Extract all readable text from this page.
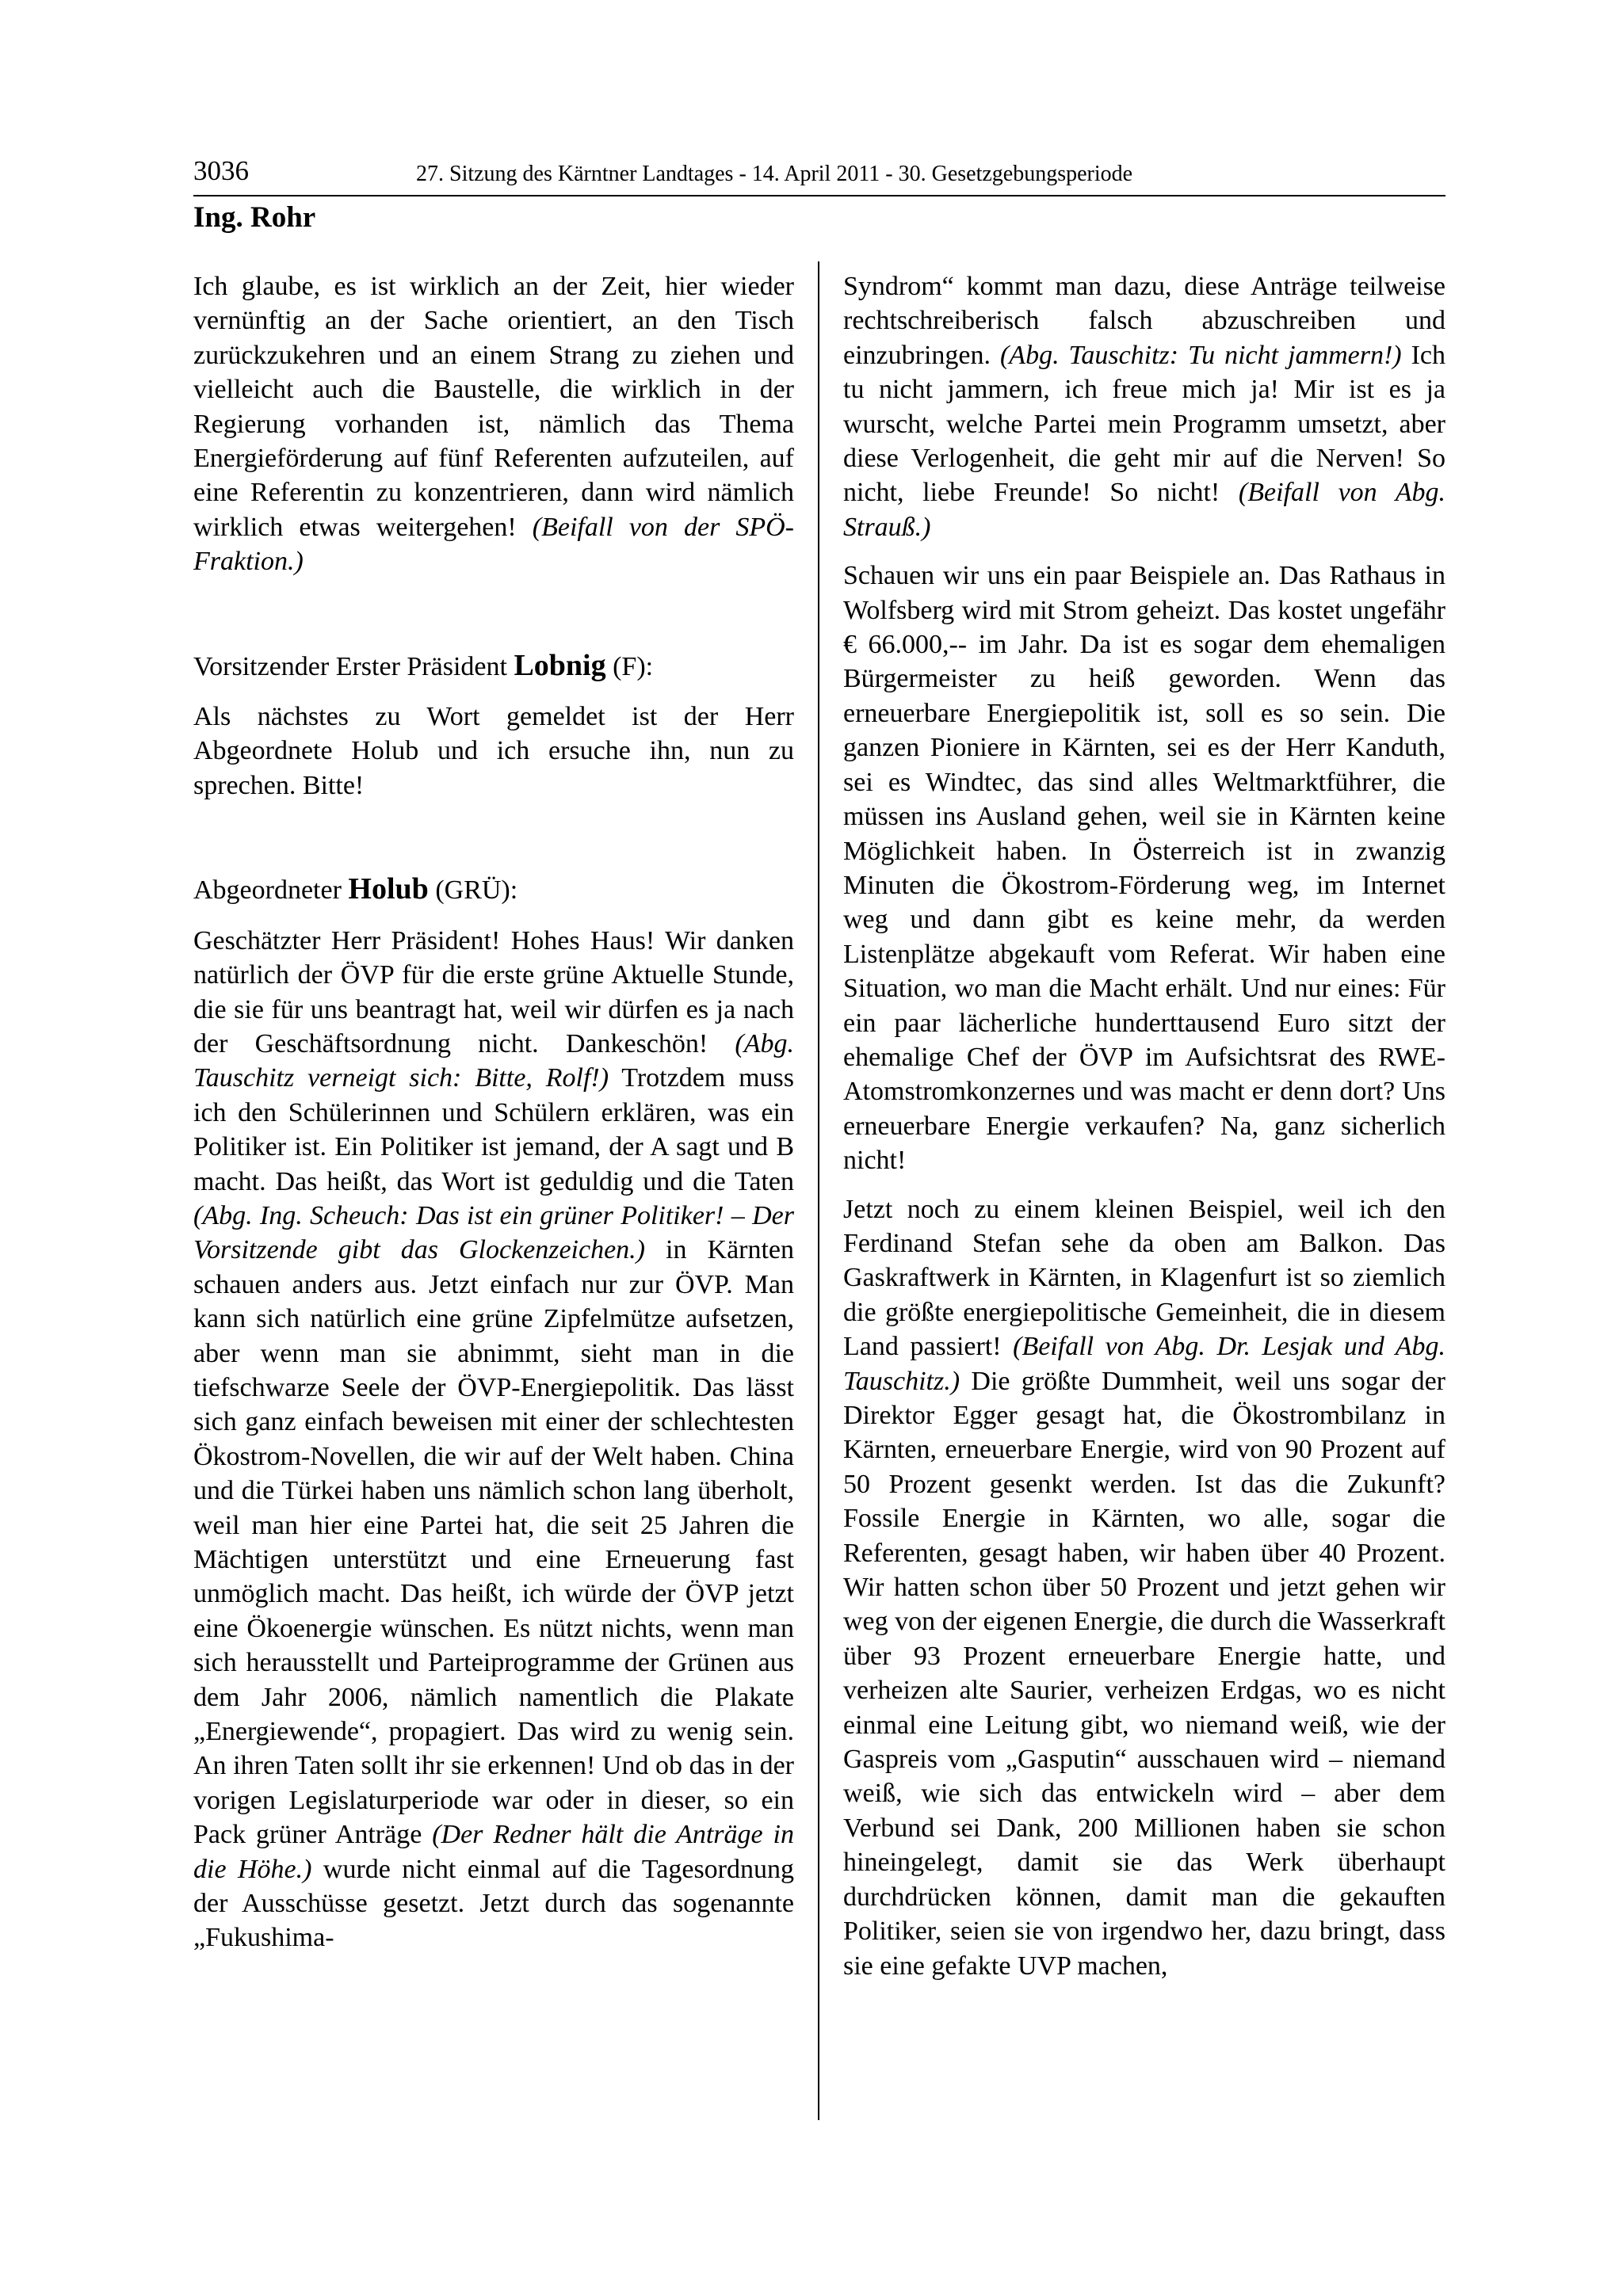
3036	27. Sitzung des Kärntner Landtages - 14. April 2011 - 30. Gesetzgebungsperiode
Ing. Rohr

Ich glaube, es ist wirklich an der Zeit, hier wieder vernünftig an der Sache orientiert, an den Tisch zurückzukehren und an einem Strang zu ziehen und vielleicht auch die Baustelle, die wirklich in der Regierung vorhanden ist, nämlich das Thema Energieförderung auf fünf Referenten aufzuteilen, auf eine Referentin zu konzentrieren, dann wird nämlich wirklich etwas weitergehen! (Beifall von der SPÖ-Fraktion.)

Vorsitzender Erster Präsident Lobnig (F):

Als nächstes zu Wort gemeldet ist der Herr Abgeordnete Holub und ich ersuche ihn, nun zu sprechen. Bitte!

Abgeordneter Holub (GRÜ):

Geschätzter Herr Präsident! Hohes Haus! Wir danken natürlich der ÖVP für die erste grüne Aktuelle Stunde, die sie für uns beantragt hat, weil wir dürfen es ja nach der Geschäftsordnung nicht. Dankeschön! (Abg. Tauschitz verneigt sich: Bitte, Rolf!) Trotzdem muss ich den Schülerinnen und Schülern erklären, was ein Politiker ist. Ein Politiker ist jemand, der A sagt und B macht. Das heißt, das Wort ist geduldig und die Taten (Abg. Ing. Scheuch: Das ist ein grüner Politiker! – Der Vorsitzende gibt das Glockenzeichen.) in Kärnten schauen anders aus. Jetzt einfach nur zur ÖVP. Man kann sich natürlich eine grüne Zipfelmütze aufsetzen, aber wenn man sie abnimmt, sieht man in die tiefschwarze Seele der ÖVP-Energiepolitik. Das lässt sich ganz einfach beweisen mit einer der schlechtesten Ökostrom-Novellen, die wir auf der Welt haben. China und die Türkei haben uns nämlich schon lang überholt, weil man hier eine Partei hat, die seit 25 Jahren die Mächtigen unterstützt und eine Erneuerung fast unmöglich macht. Das heißt, ich würde der ÖVP jetzt eine Ökoenergie wünschen. Es nützt nichts, wenn man sich herausstellt und Parteiprogramme der Grünen aus dem Jahr 2006, nämlich namentlich die Plakate „Energiewende“, propagiert. Das wird zu wenig sein. An ihren Taten sollt ihr sie erkennen! Und ob das in der vorigen Legislaturperiode war oder in dieser, so ein Pack grüner Anträge (Der Redner hält die Anträge in die Höhe.) wurde nicht einmal auf die Tagesordnung der Ausschüsse gesetzt. Jetzt durch das sogenannte „Fukushima-

Syndrom“ kommt man dazu, diese Anträge teilweise rechtschreiberisch falsch abzuschreiben und einzubringen. (Abg. Tauschitz: Tu nicht jammern!) Ich tu nicht jammern, ich freue mich ja! Mir ist es ja wurscht, welche Partei mein Programm umsetzt, aber diese Verlogenheit, die geht mir auf die Nerven! So nicht, liebe Freunde! So nicht! (Beifall von Abg. Strauß.)

Schauen wir uns ein paar Beispiele an. Das Rathaus in Wolfsberg wird mit Strom geheizt. Das kostet ungefähr € 66.000,-- im Jahr. Da ist es sogar dem ehemaligen Bürgermeister zu heiß geworden. Wenn das erneuerbare Energiepolitik ist, soll es so sein. Die ganzen Pioniere in Kärnten, sei es der Herr Kanduth, sei es Windtec, das sind alles Weltmarktführer, die müssen ins Ausland gehen, weil sie in Kärnten keine Möglichkeit haben. In Österreich ist in zwanzig Minuten die Ökostrom-Förderung weg, im Internet weg und dann gibt es keine mehr, da werden Listenplätze abgekauft vom Referat. Wir haben eine Situation, wo man die Macht erhält. Und nur eines: Für ein paar lächerliche hunderttausend Euro sitzt der ehemalige Chef der ÖVP im Aufsichtsrat des RWE-Atomstromkonzernes und was macht er denn dort? Uns erneuerbare Energie verkaufen? Na, ganz sicherlich nicht!

Jetzt noch zu einem kleinen Beispiel, weil ich den Ferdinand Stefan sehe da oben am Balkon. Das Gaskraftwerk in Kärnten, in Klagenfurt ist so ziemlich die größte energiepolitische Gemeinheit, die in diesem Land passiert! (Beifall von Abg. Dr. Lesjak und Abg. Tauschitz.) Die größte Dummheit, weil uns sogar der Direktor Egger gesagt hat, die Ökostrombilanz in Kärnten, erneuerbare Energie, wird von 90 Prozent auf 50 Prozent gesenkt werden. Ist das die Zukunft? Fossile Energie in Kärnten, wo alle, sogar die Referenten, gesagt haben, wir haben über 40 Prozent. Wir hatten schon über 50 Prozent und jetzt gehen wir weg von der eigenen Energie, die durch die Wasserkraft über 93 Prozent erneuerbare Energie hatte, und verheizen alte Saurier, verheizen Erdgas, wo es nicht einmal eine Leitung gibt, wo niemand weiß, wie der Gaspreis vom „Gasputin“ ausschauen wird – niemand weiß, wie sich das entwickeln wird – aber dem Verbund sei Dank, 200 Millionen haben sie schon hineingelegt, damit sie das Werk überhaupt durchdrücken können, damit man die gekauften Politiker, seien sie von irgendwo her, dazu bringt, dass sie eine gefakte UVP machen,
